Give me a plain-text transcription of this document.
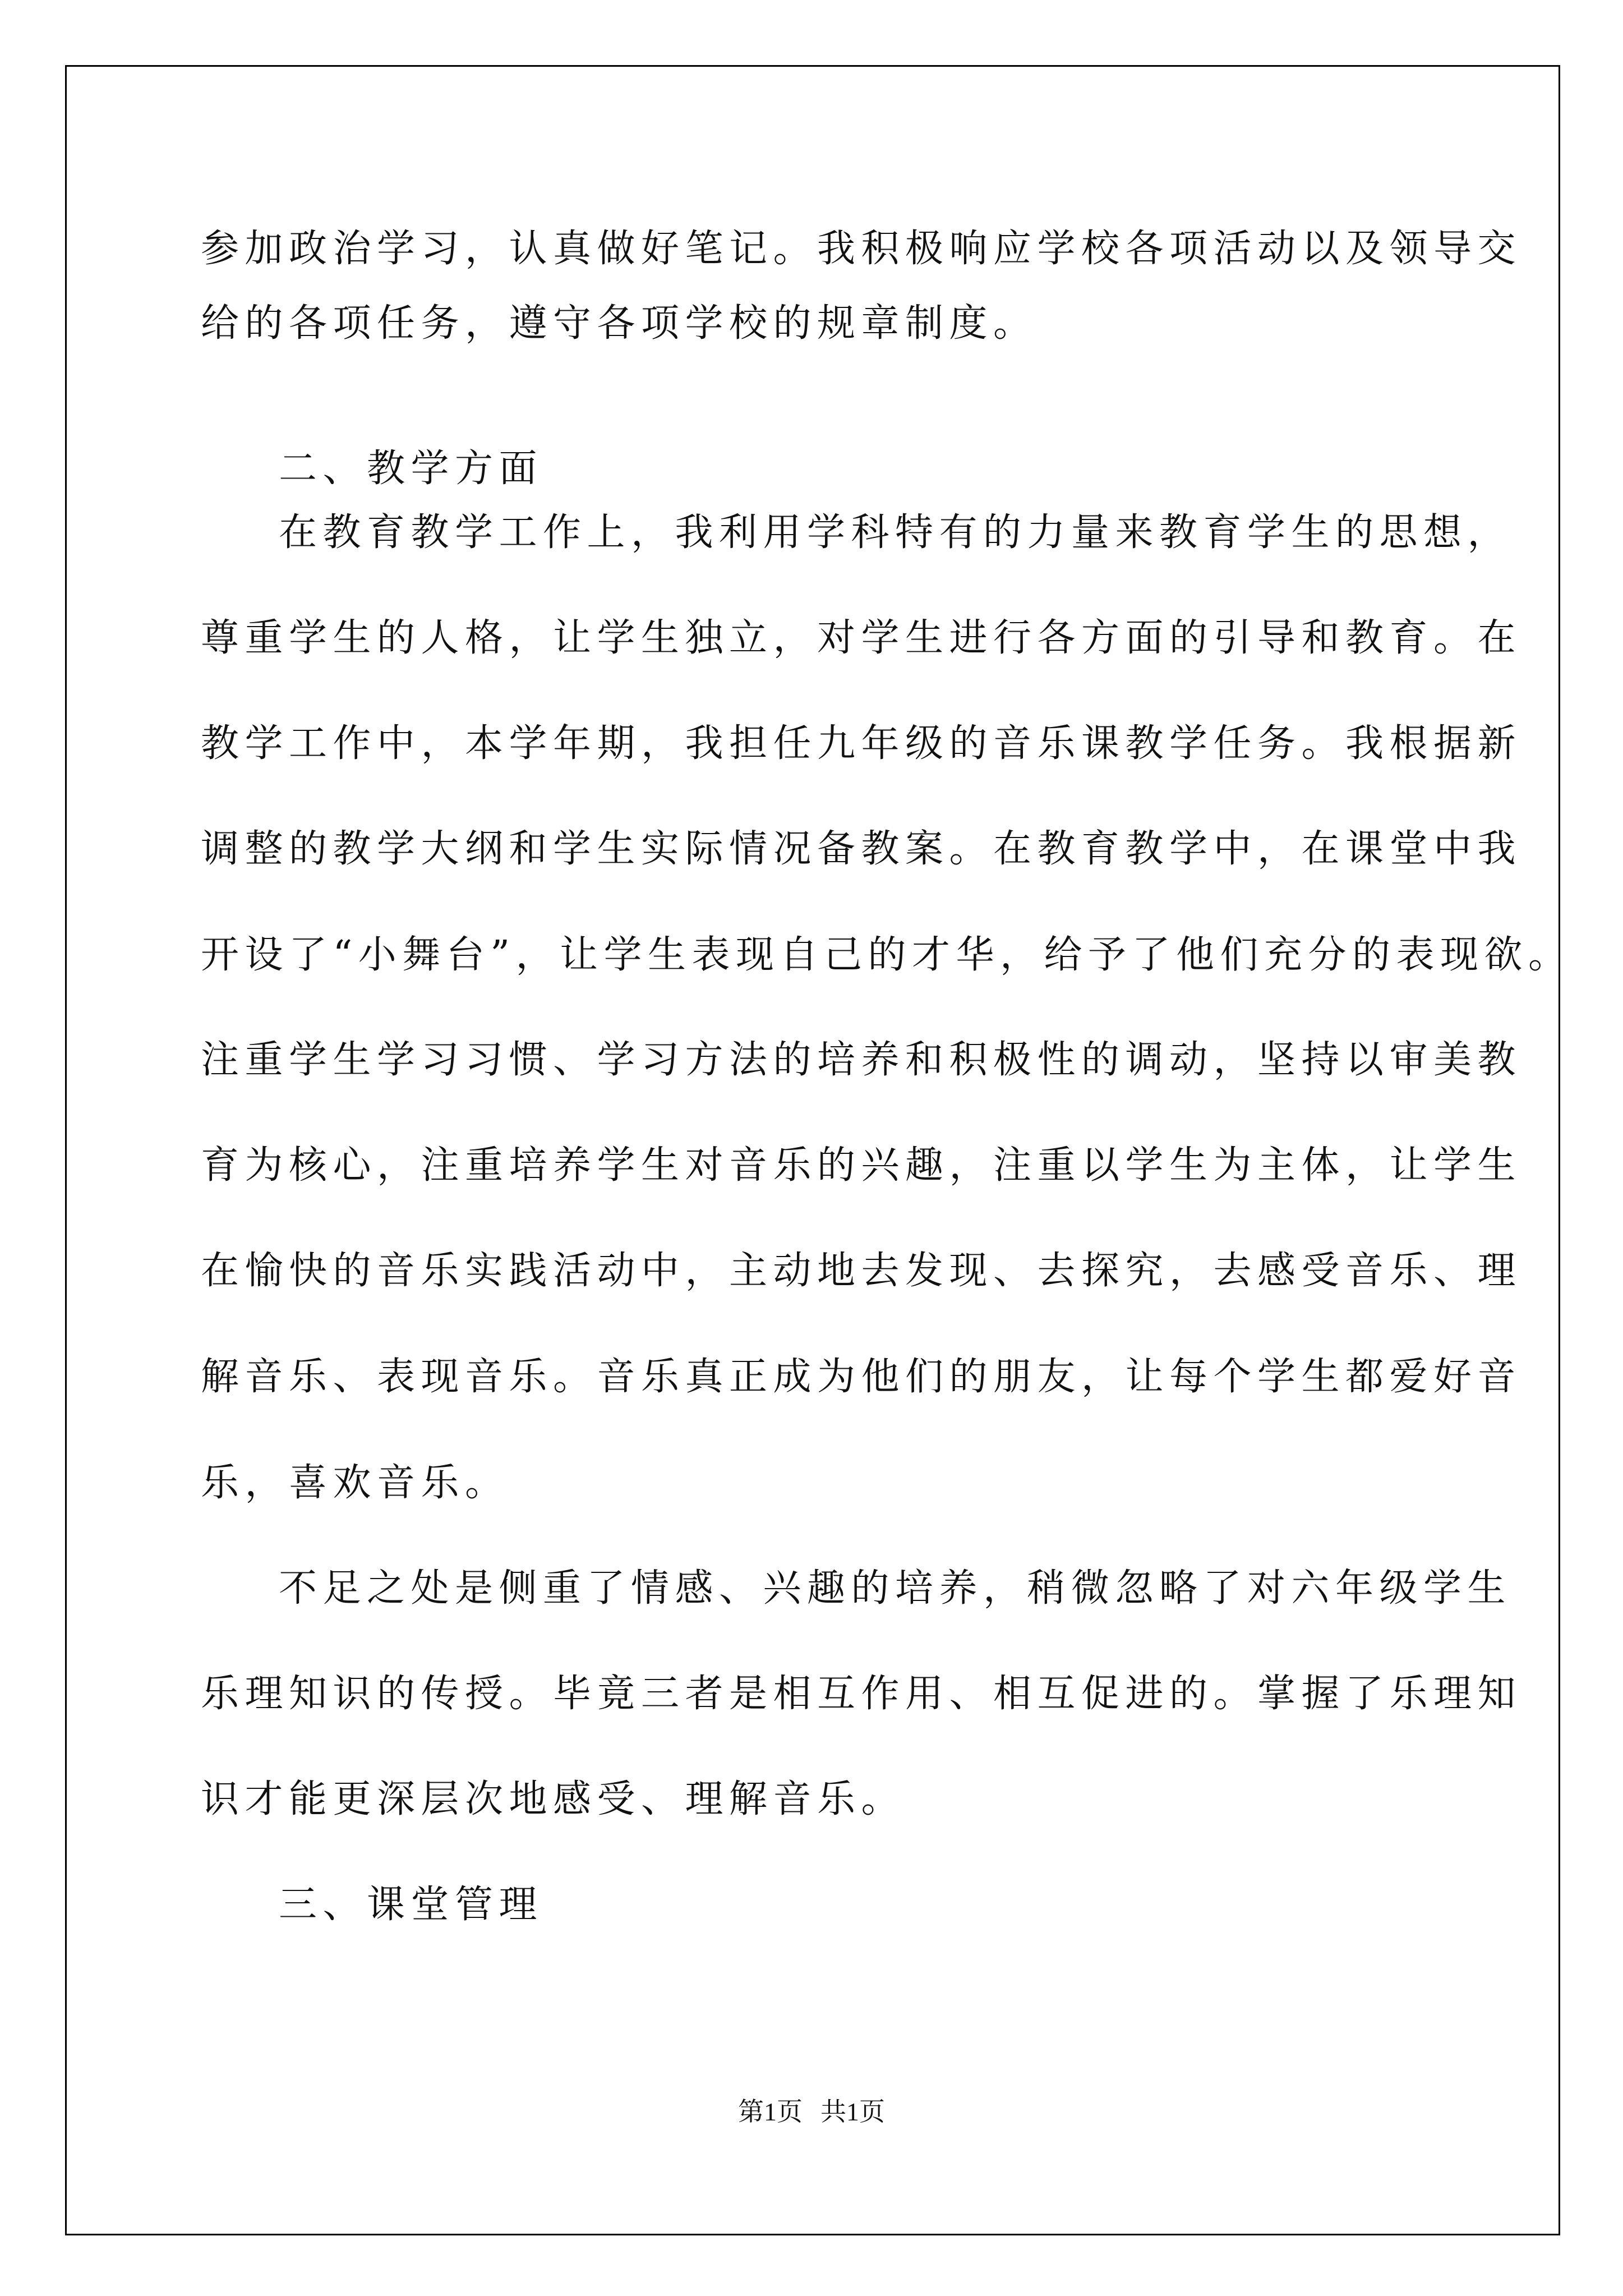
参加政治学习，认真做好笔记。我积极响应学校各项活动以及领导交

给的各项任务，遵守各项学校的规章制度。

二、教学方面

在教育教学工作上，我利用学科特有的力量来教育学生的思想，

尊重学生的人格，让学生独立，对学生进行各方面的引导和教育。在

教学工作中，本学年期，我担任九年级的音乐课教学任务。我根据新

调整的教学大纲和学生实际情况备教案。在教育教学中，在课堂中我

开设了“小舞台”，让学生表现自己的才华，给予了他们充分的表现欲。

注重学生学习习惯、学习方法的培养和积极性的调动，坚持以审美教

育为核心，注重培养学生对音乐的兴趣，注重以学生为主体，让学生

在愉快的音乐实践活动中，主动地去发现、去探究，去感受音乐、理

解音乐、表现音乐。音乐真正成为他们的朋友，让每个学生都爱好音

乐，喜欢音乐。

不足之处是侧重了情感、兴趣的培养，稍微忽略了对六年级学生

乐理知识的传授。毕竟三者是相互作用、相互促进的。掌握了乐理知

识才能更深层次地感受、理解音乐。

三、课堂管理

第1页 共1页
